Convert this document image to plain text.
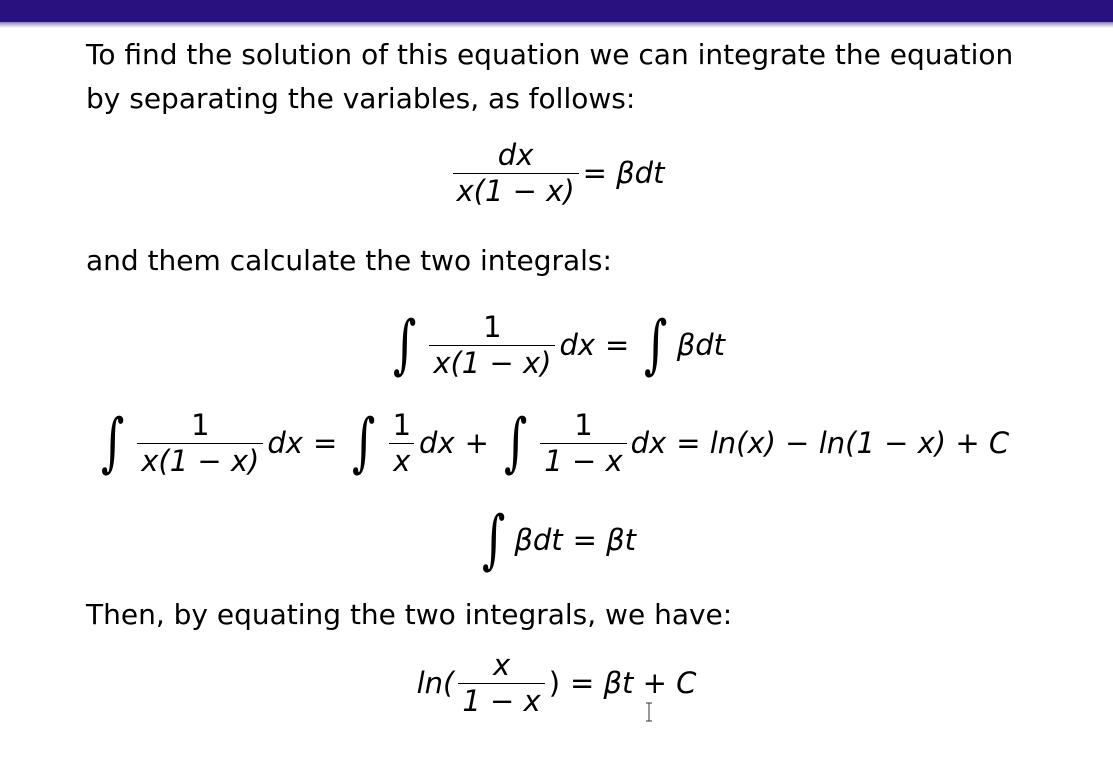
To find the solution of this equation we can integrate the equation
by separating the variables, as follows:
$\frac{dx}{x(1 - x)} = \beta dt$
and them calculate the two integrals:
∫ $\frac{1}{x(1 - x)}$ dx = ∫ βdt
∫ $\frac{1}{x(1 - x)}$ dx = ∫ $\frac{1}{x}$ dx + ∫ $\frac{1}{1 - x}$ dx = ln(x) − ln(1 − x) + C
∫ βdt = βt
Then, by equating the two integrals, we have:
$\ln( \frac{x}{1 - x}$ ) = βt + C
